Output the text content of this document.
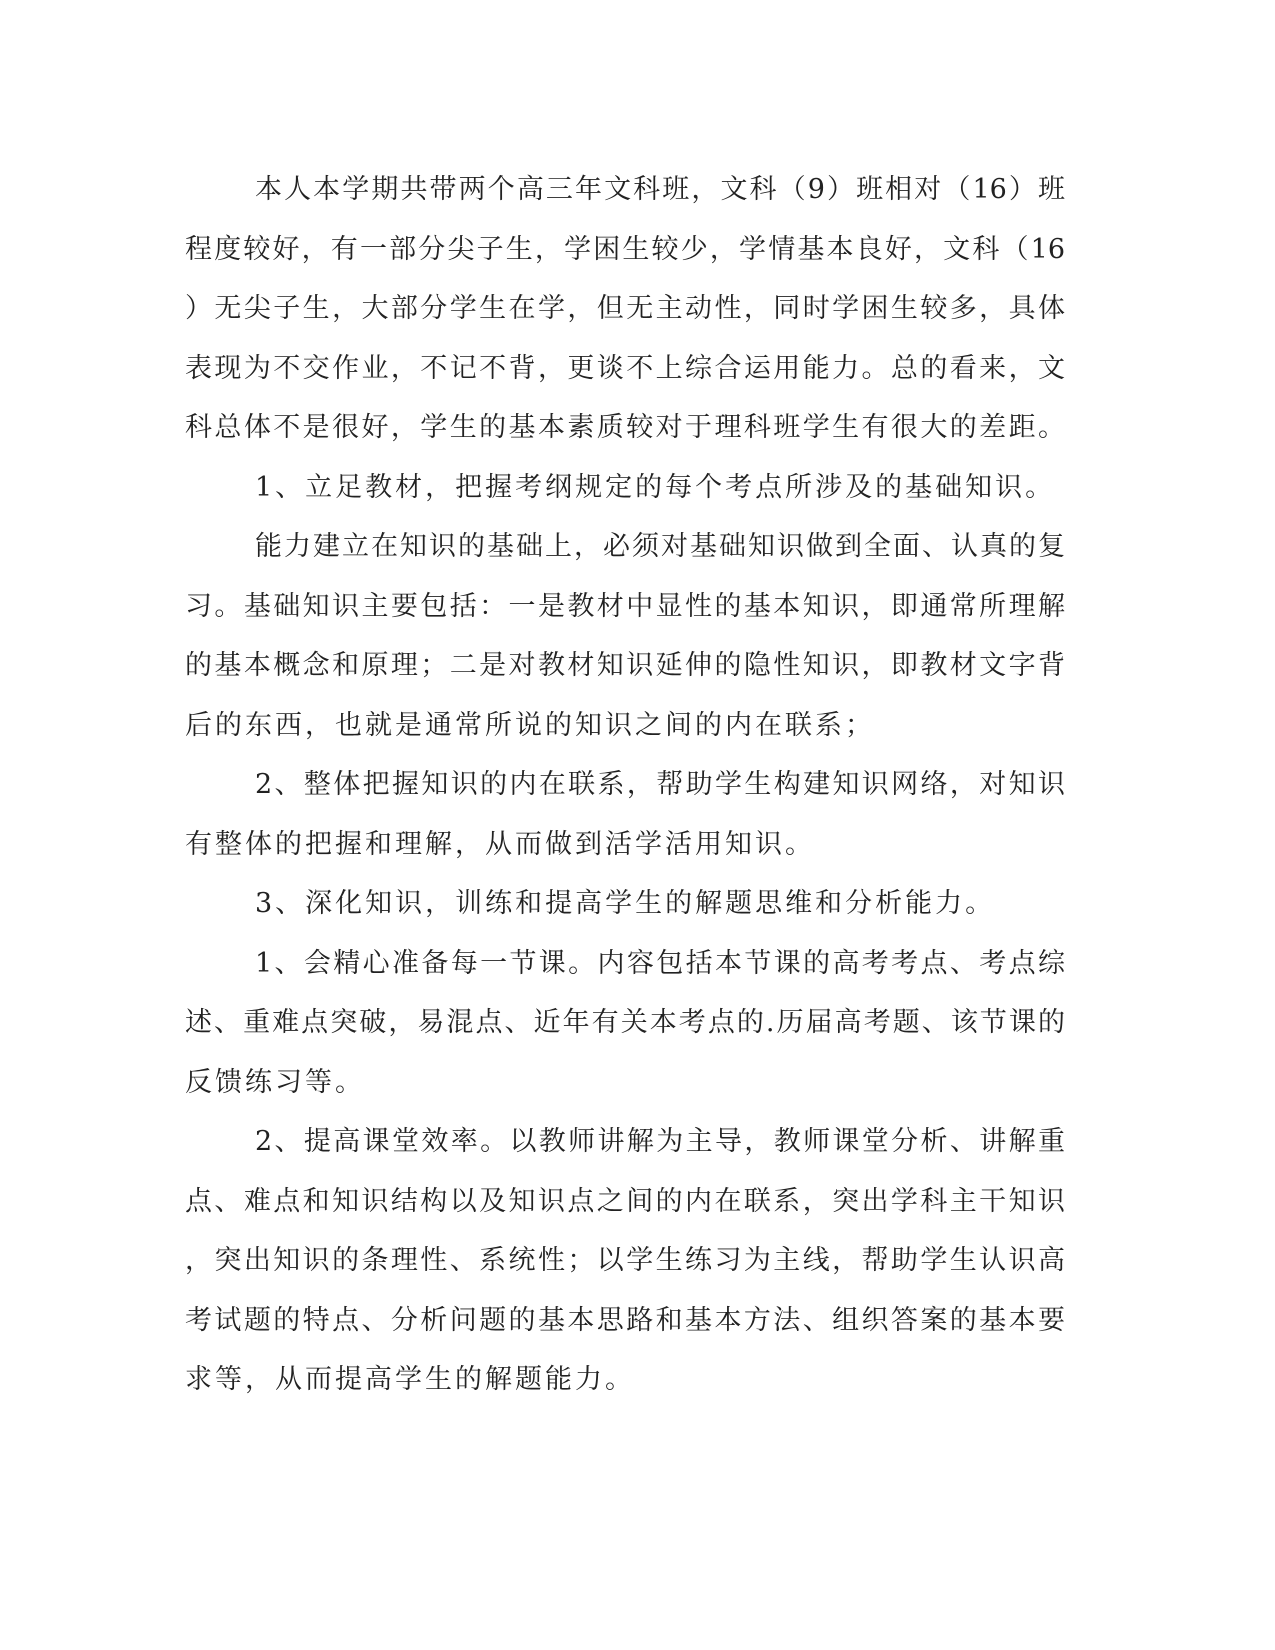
本人本学期共带两个高三年文科班，文科（9）班相对（16）班
程度较好，有一部分尖子生，学困生较少，学情基本良好，文科（16
）无尖子生，大部分学生在学，但无主动性，同时学困生较多，具体
表现为不交作业，不记不背，更谈不上综合运用能力。总的看来，文
科总体不是很好，学生的基本素质较对于理科班学生有很大的差距。
1、立足教材，把握考纲规定的每个考点所涉及的基础知识。
能力建立在知识的基础上，必须对基础知识做到全面、认真的复
习。基础知识主要包括：一是教材中显性的基本知识，即通常所理解
的基本概念和原理；二是对教材知识延伸的隐性知识，即教材文字背
后的东西，也就是通常所说的知识之间的内在联系；
2、整体把握知识的内在联系，帮助学生构建知识网络，对知识
有整体的把握和理解，从而做到活学活用知识。
3、深化知识，训练和提高学生的解题思维和分析能力。
1、会精心准备每一节课。内容包括本节课的高考考点、考点综
述、重难点突破，易混点、近年有关本考点的.历届高考题、该节课的
反馈练习等。
2、提高课堂效率。以教师讲解为主导，教师课堂分析、讲解重
点、难点和知识结构以及知识点之间的内在联系，突出学科主干知识
，突出知识的条理性、系统性；以学生练习为主线，帮助学生认识高
考试题的特点、分析问题的基本思路和基本方法、组织答案的基本要
求等，从而提高学生的解题能力。
